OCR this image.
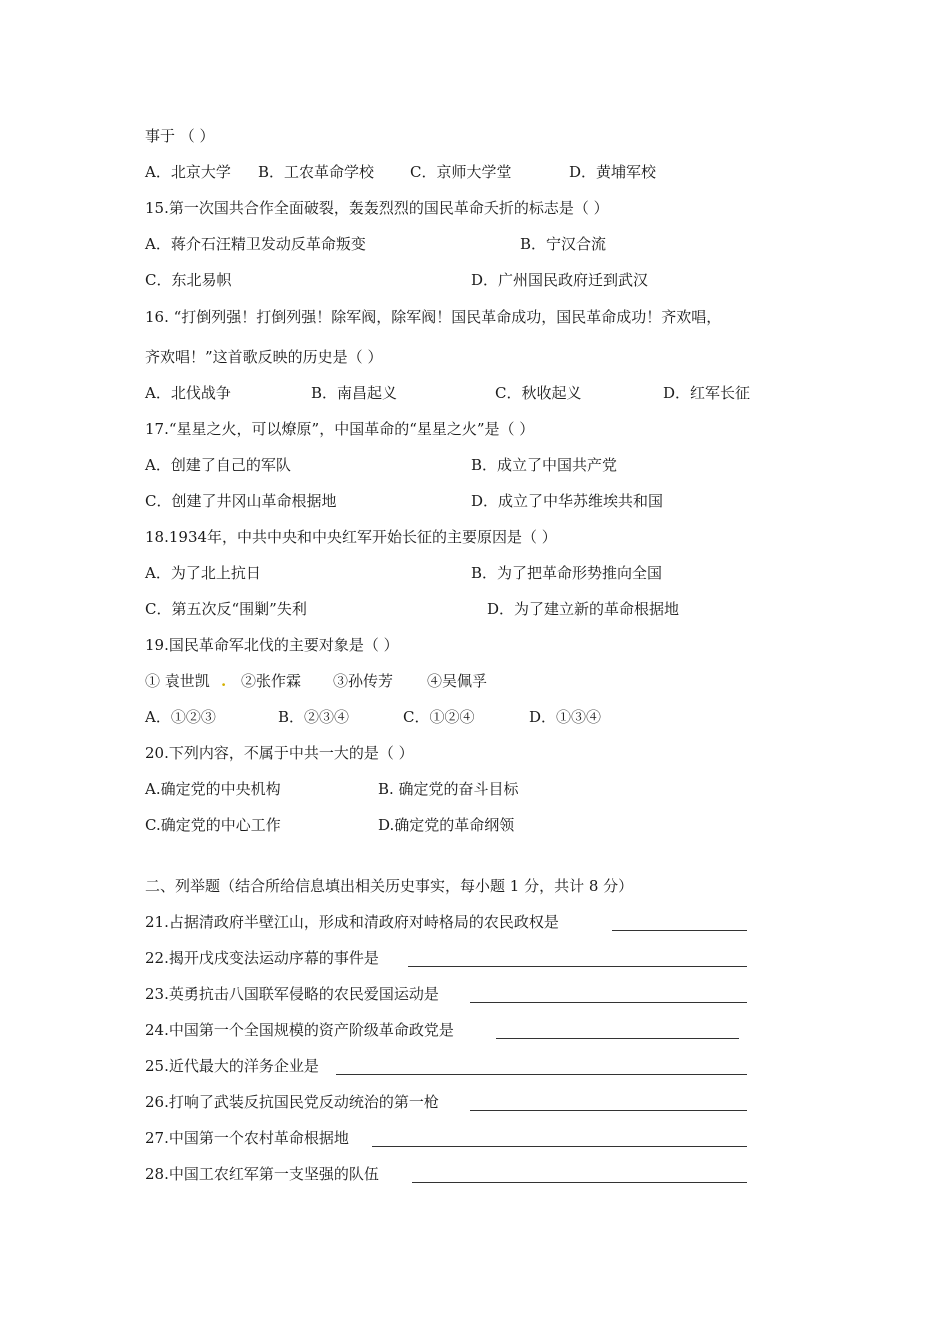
事于 （ ）
A．北京大学 B．工农革命学校 C．京师大学堂	D．黄埔军校
15.第一次国共合作全面破裂，轰轰烈烈的国民革命夭折的标志是（ ）
A．蒋介石汪精卫发动反革命叛变	B．宁汉合流
C．东北易帜	D．广州国民政府迁到武汉
16. “打倒列强！打倒列强！除军阀，除军阀！国民革命成功，国民革命成功！齐欢唱，
齐欢唱！”这首歌反映的历史是（ ）
A．北伐战争	B．南昌起义	C．秋收起义	D．红军长征
17.“星星之火，可以燎原”，中国革命的“星星之火”是（ ）
A．创建了自己的军队	B．成立了中国共产党
C．创建了井冈山革命根据地	D．成立了中华苏维埃共和国
18.1934年，中共中央和中央红军开始长征的主要原因是（ ）
A．为了北上抗日	B．为了把革命形势推向全国
C．第五次反“围剿”失利	D．为了建立新的革命根据地
19.国民革命军北伐的主要对象是（ ）
① 袁世凯 . ②张作霖 ③孙传芳 ④吴佩孚
A．①②③	B．②③④	C．①②④	D．①③④
20.下列内容，不属于中共一大的是（ ）
A.确定党的中央机构	B. 确定党的奋斗目标
C.确定党的中心工作	D.确定党的革命纲领
二、列举题（结合所给信息填出相关历史事实，每小题 1 分，共计 8 分）
21.占据清政府半壁江山，形成和清政府对峙格局的农民政权是
22.揭开戊戌变法运动序幕的事件是
23.英勇抗击八国联军侵略的农民爱国运动是
24.中国第一个全国规模的资产阶级革命政党是
25.近代最大的洋务企业是
26.打响了武装反抗国民党反动统治的第一枪
27.中国第一个农村革命根据地
28.中国工农红军第一支坚强的队伍
